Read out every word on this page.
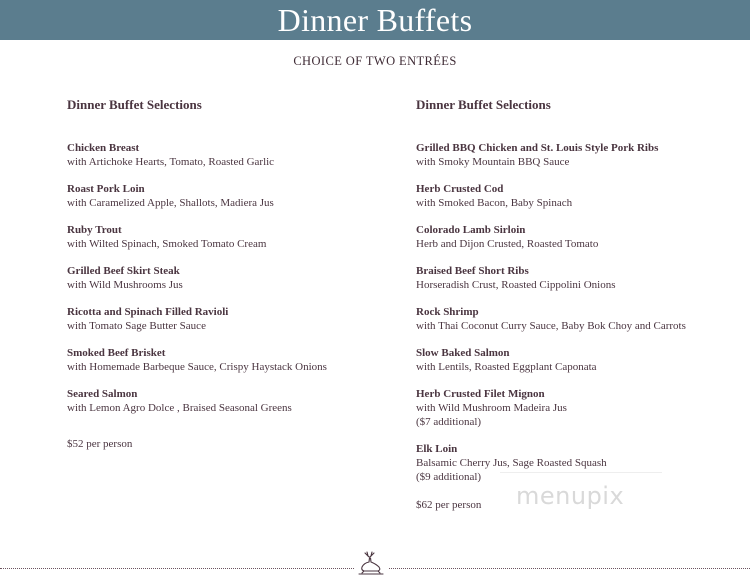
Dinner Buffets
CHOICE OF TWO ENTRÉES
Dinner Buffet Selections
Chicken Breast
with Artichoke Hearts, Tomato, Roasted Garlic
Roast Pork Loin
with Caramelized Apple, Shallots, Madiera Jus
Ruby Trout
with Wilted Spinach, Smoked Tomato Cream
Grilled Beef Skirt Steak
with Wild Mushrooms Jus
Ricotta and Spinach Filled Ravioli
with Tomato Sage Butter Sauce
Smoked Beef Brisket
with Homemade Barbeque Sauce, Crispy Haystack Onions
Seared Salmon
with Lemon Agro Dolce , Braised Seasonal Greens
$52 per person
Dinner Buffet Selections
Grilled BBQ Chicken and St. Louis Style Pork Ribs
with Smoky Mountain BBQ Sauce
Herb Crusted Cod
with Smoked Bacon, Baby Spinach
Colorado Lamb Sirloin
Herb and Dijon Crusted, Roasted Tomato
Braised Beef Short Ribs
Horseradish Crust, Roasted Cippolini Onions
Rock Shrimp
with Thai Coconut Curry Sauce, Baby Bok Choy and Carrots
Slow Baked Salmon
with Lentils, Roasted Eggplant Caponata
Herb Crusted Filet Mignon
with Wild Mushroom Madeira Jus
($7 additional)
Elk Loin
Balsamic Cherry Jus, Sage Roasted Squash
($9 additional)
$62 per person	menupix
